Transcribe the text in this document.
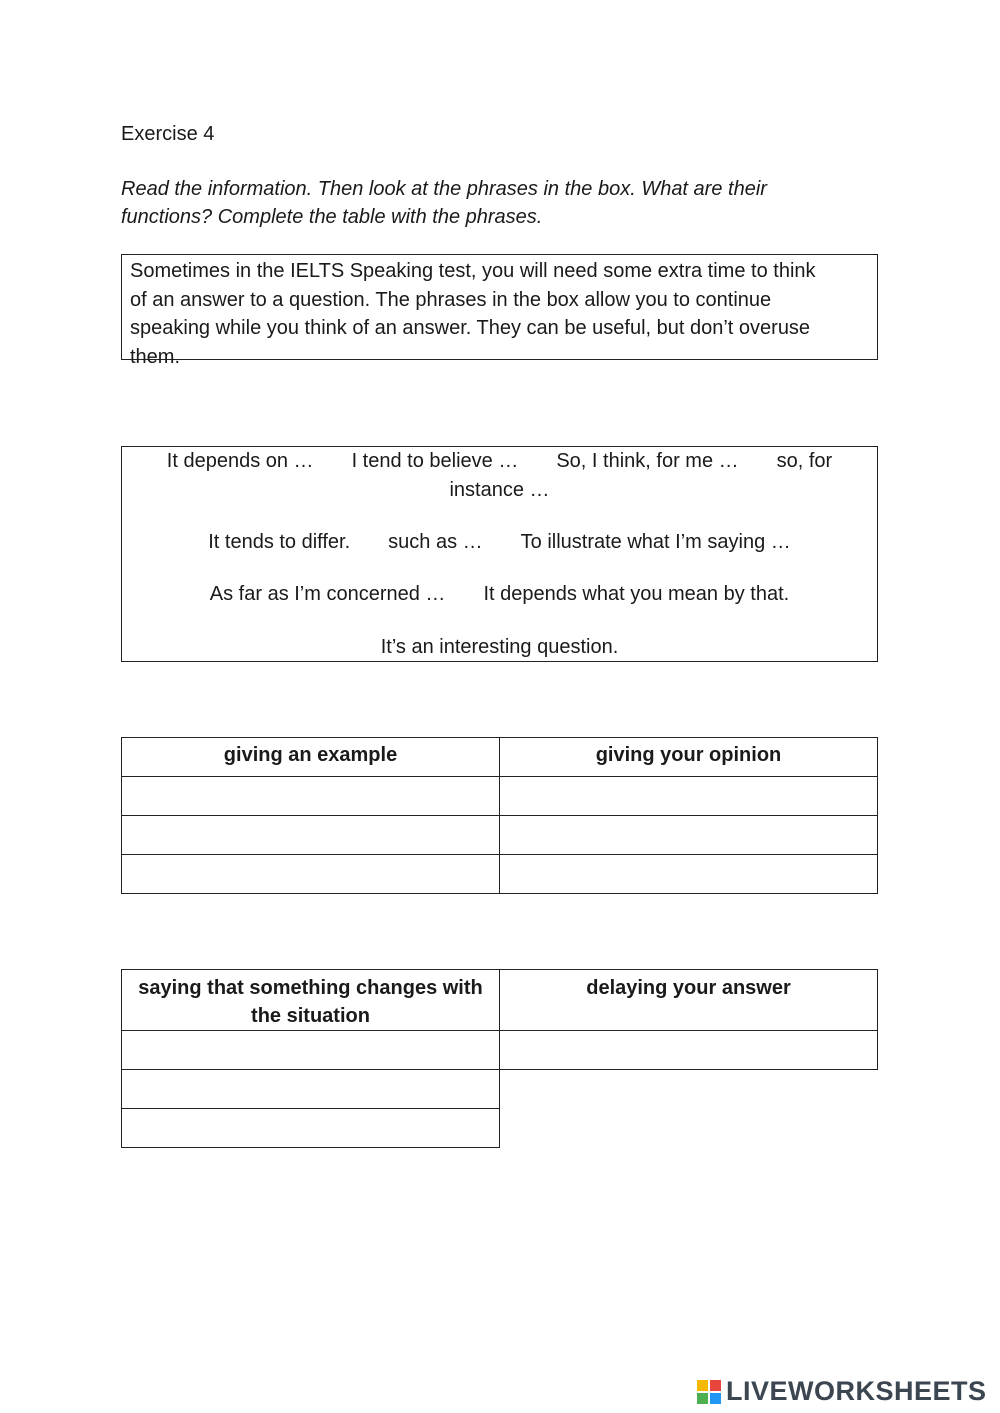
Exercise 4
Read the information. Then look at the phrases in the box. What are their functions? Complete the table with the phrases.
Sometimes in the IELTS Speaking test, you will need some extra time to think
of an answer to a question. The phrases in the box allow you to continue
speaking while you think of an answer. They can be useful, but don’t overuse
them.
It depends on … I tend to believe … So, I think, for me … so, for
instance …
It tends to differ. such as … To illustrate what I’m saying …
As far as I’m concerned … It depends what you mean by that.
It’s an interesting question.
giving an example	giving your opinion

saying that something changes with the situation	delaying your answer

LIVEWORKSHEETS
